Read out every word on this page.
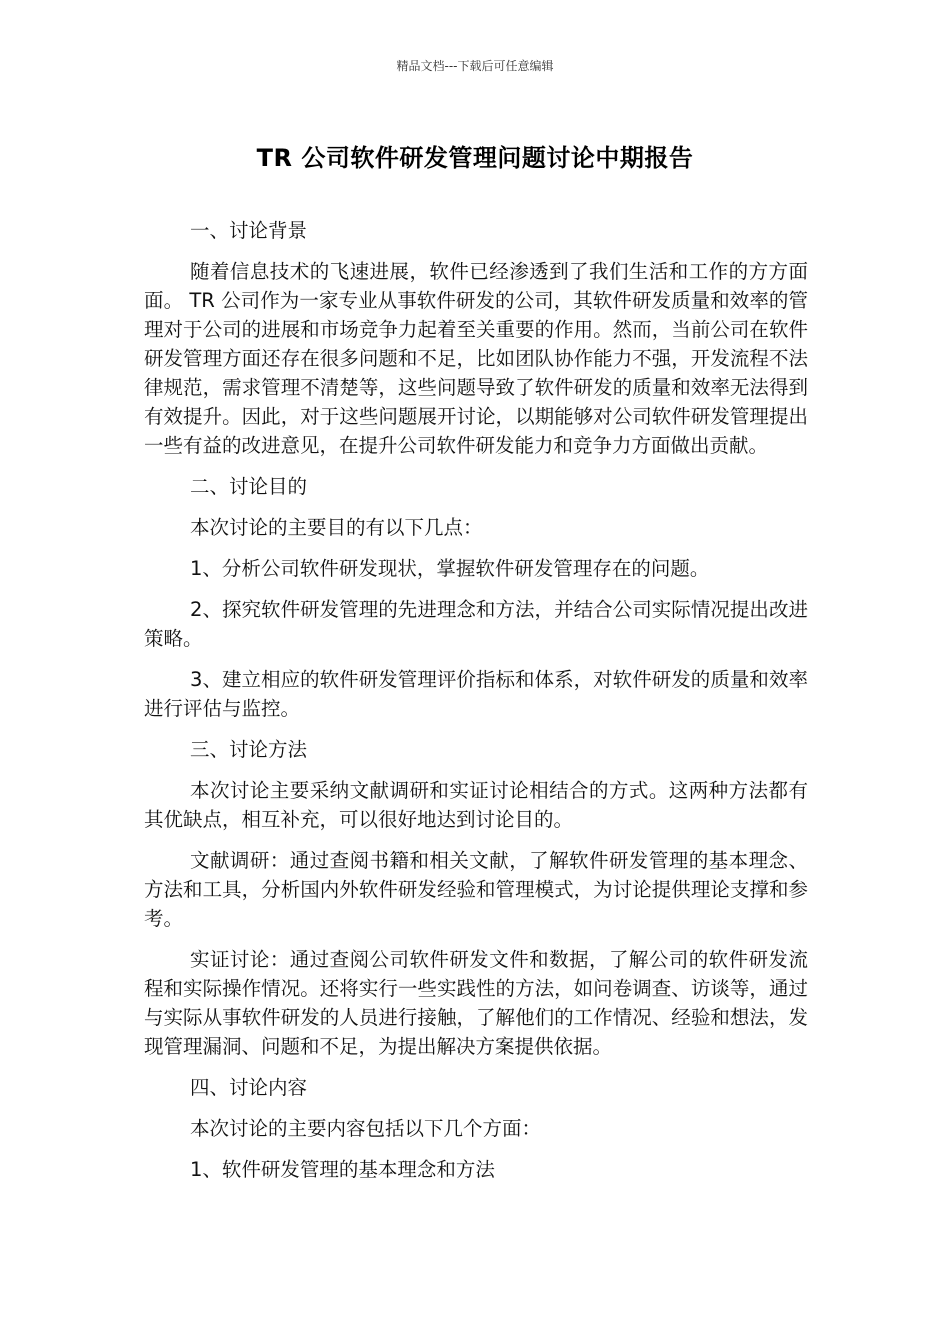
精品文档---下载后可任意编辑
TR 公司软件研发管理问题讨论中期报告

一、讨论背景

随着信息技术的飞速进展，软件已经渗透到了我们生活和工作的方方面面。 TR 公司作为一家专业从事软件研发的公司，其软件研发质量和效率的管理对于公司的进展和市场竞争力起着至关重要的作用。然而，当前公司在软件研发管理方面还存在很多问题和不足，比如团队协作能力不强，开发流程不法律规范，需求管理不清楚等，这些问题导致了软件研发的质量和效率无法得到有效提升。因此，对于这些问题展开讨论，以期能够对公司软件研发管理提出一些有益的改进意见，在提升公司软件研发能力和竞争力方面做出贡献。

二、讨论目的

本次讨论的主要目的有以下几点：

1、分析公司软件研发现状，掌握软件研发管理存在的问题。

2、探究软件研发管理的先进理念和方法，并结合公司实际情况提出改进策略。

3、建立相应的软件研发管理评价指标和体系，对软件研发的质量和效率进行评估与监控。

三、讨论方法

本次讨论主要采纳文献调研和实证讨论相结合的方式。这两种方法都有其优缺点，相互补充，可以很好地达到讨论目的。

文献调研：通过查阅书籍和相关文献，了解软件研发管理的基本理念、方法和工具，分析国内外软件研发经验和管理模式，为讨论提供理论支撑和参考。

实证讨论：通过查阅公司软件研发文件和数据，了解公司的软件研发流程和实际操作情况。还将实行一些实践性的方法，如问卷调查、访谈等，通过与实际从事软件研发的人员进行接触，了解他们的工作情况、经验和想法，发现管理漏洞、问题和不足，为提出解决方案提供依据。

四、讨论内容

本次讨论的主要内容包括以下几个方面：

1、软件研发管理的基本理念和方法
